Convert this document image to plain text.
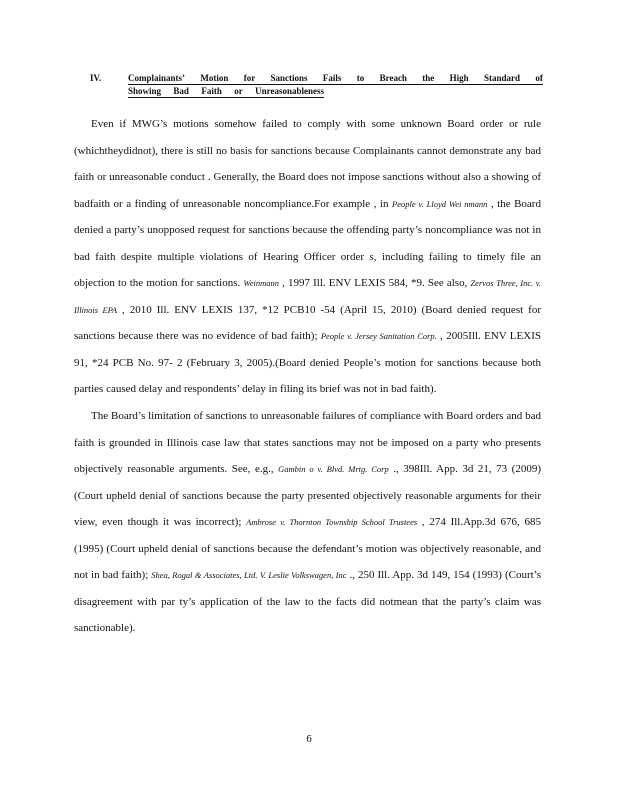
IV.	Complainants’ Motion for Sanctions Fails to Breach the High Standard of
Showing Bad Faith or Unreasonableness

Even if MWG’s motions somehow failed to comply with some unknown Board order or rule (whichtheydidnot), there is still no basis for sanctions because Complainants cannot demonstrate any bad faith or unreasonable conduct . Generally, the Board does not impose sanctions without also a showing of badfaith or a finding of unreasonable noncompliance.For example , in People v. Lloyd Wei nmann , the Board denied a party’s unopposed request for sanctions because the offending party’s noncompliance was not in bad faith despite multiple violations of Hearing Officer order s, including failing to timely file an objection to the motion for sanctions. Weinmann , 1997 Ill. ENV LEXIS 584, *9. See also, Zervos Three, Inc. v. Illinois EPA , 2010 Ill. ENV LEXIS 137, *12 PCB10 -54 (April 15, 2010) (Board denied request for sanctions because there was no evidence of bad faith); People v. Jersey Sanitation Corp. , 2005Ill. ENV LEXIS 91, *24 PCB No. 97- 2 (February 3, 2005).(Board denied People’s motion for sanctions because both parties caused delay and respondents’ delay in filing its brief was not in bad faith).

The Board’s limitation of sanctions to unreasonable failures of compliance with Board orders and bad faith is grounded in Illinois case law that states sanctions may not be imposed on a party who presents objectively reasonable arguments. See, e.g., Gambin o v. Blvd. Mrtg. Corp ., 398Ill. App. 3d 21, 73 (2009) (Court upheld denial of sanctions because the party presented objectively reasonable arguments for their view, even though it was incorrect); Ambrose v. Thornton Township School Trustees , 274 Ill.App.3d 676, 685 (1995) (Court upheld denial of sanctions because the defendant’s motion was objectively reasonable, and not in bad faith); Shea, Rogal & Associates, Ltd. V. Leslie Volkswagen, Inc ., 250 Ill. App. 3d 149, 154 (1993) (Court’s disagreement with par ty’s application of the law to the facts did notmean that the party’s claim was sanctionable).

6
